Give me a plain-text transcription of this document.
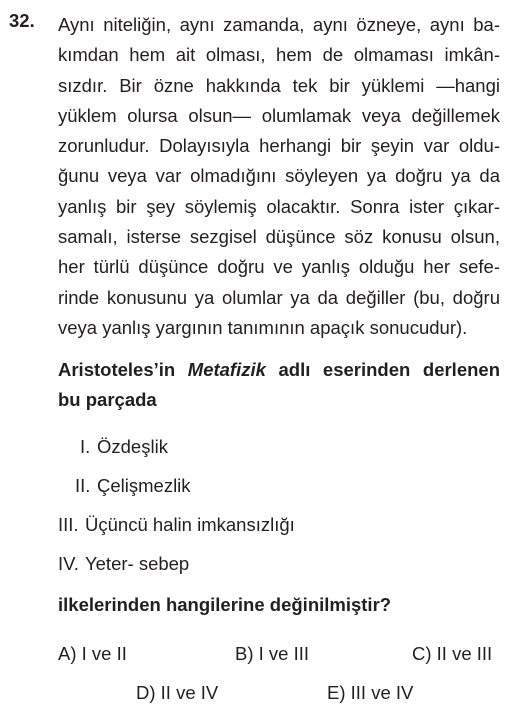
32. Aynı niteliğin, aynı zamanda, aynı özneye, aynı ba-
kımdan hem ait olması, hem de olmaması imkân-
sızdır. Bir özne hakkında tek bir yüklemi —hangi
yüklem olursa olsun— olumlamak veya değillemek
zorunludur. Dolayısıyla herhangi bir şeyin var oldu-
ğunu veya var olmadığını söyleyen ya doğru ya da
yanlış bir şey söylemiş olacaktır. Sonra ister çıkar-
samalı, isterse sezgisel düşünce söz konusu olsun,
her türlü düşünce doğru ve yanlış olduğu her sefe-
rinde konusunu ya olumlar ya da değiller (bu, doğru
veya yanlış yargının tanımının apaçık sonucudur).
Aristoteles’in Metafizik adlı eserinden derlenen
bu parçada
I. Özdeşlik
II. Çelişmezlik
III. Üçüncü halin imkansızlığı
IV. Yeter- sebep
ilkelerinden hangilerine değinilmiştir?
A) I ve II	B) I ve III	C) II ve III
D) II ve IV	E) III ve IV
